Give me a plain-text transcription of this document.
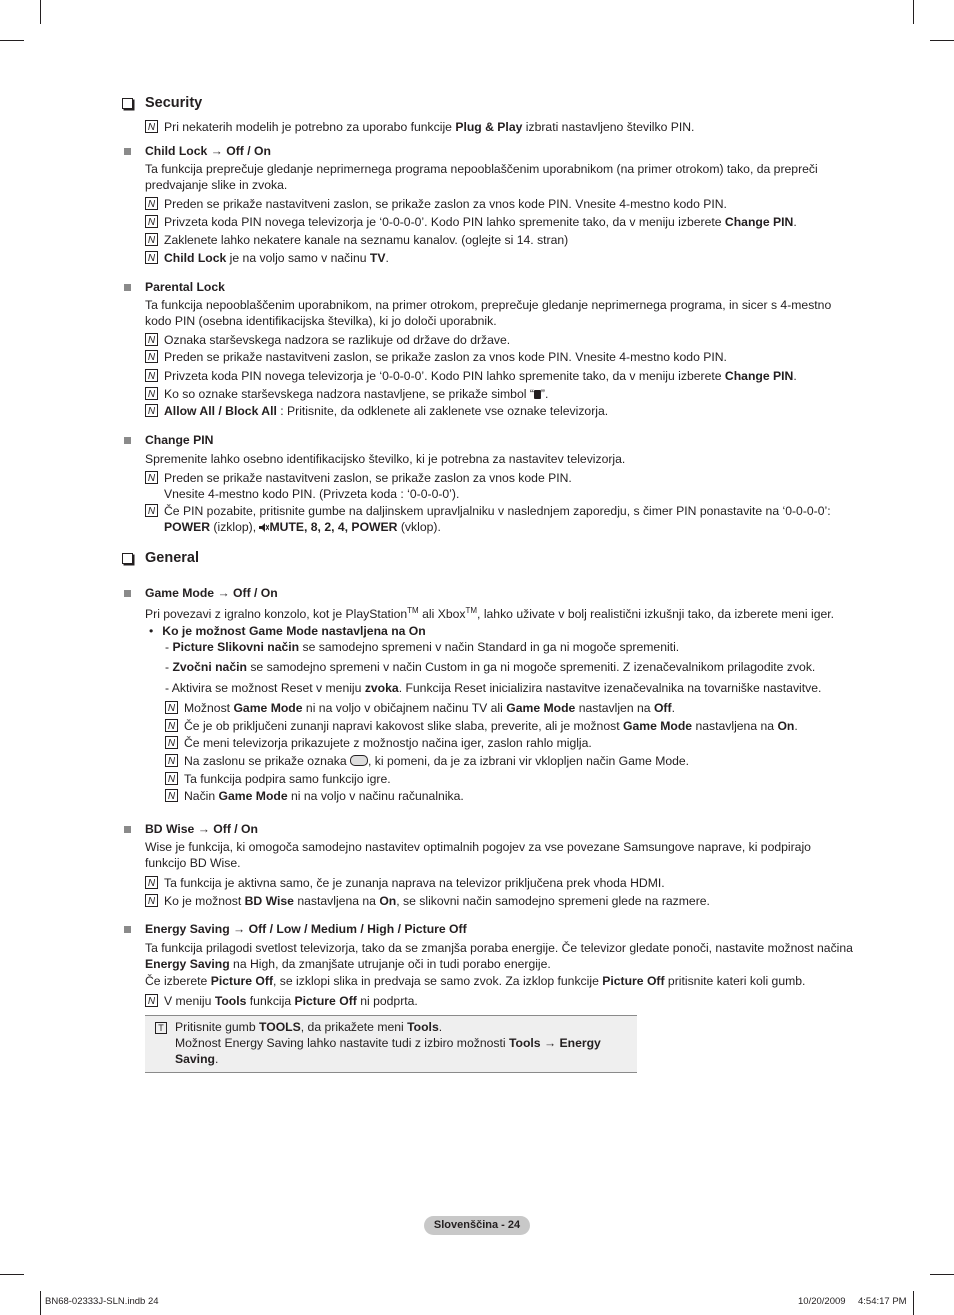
Security
N Pri nekaterih modelih je potrebno za uporabo funkcije Plug & Play izbrati nastavljeno številko PIN.
Child Lock → Off / On
Ta funkcija preprečuje gledanje neprimernega programa nepooblaščenim uporabnikom (na primer otrokom) tako, da prepreči predvajanje slike in zvoka.
N Preden se prikaže nastavitveni zaslon, se prikaže zaslon za vnos kode PIN. Vnesite 4-mestno kodo PIN.
N Privzeta koda PIN novega televizorja je ‘0-0-0-0’. Kodo PIN lahko spremenite tako, da v meniju izberete Change PIN.
N Zaklenete lahko nekatere kanale na seznamu kanalov. (oglejte si 14. stran)
N Child Lock je na voljo samo v načinu TV.
Parental Lock
Ta funkcija nepooblaščenim uporabnikom, na primer otrokom, preprečuje gledanje neprimernega programa, in sicer s 4-mestno kodo PIN (osebna identifikacijska številka), ki jo določi uporabnik.
N Oznaka starševskega nadzora se razlikuje od države do države.
N Preden se prikaže nastavitveni zaslon, se prikaže zaslon za vnos kode PIN. Vnesite 4-mestno kodo PIN.
N Privzeta koda PIN novega televizorja je ‘0-0-0-0’. Kodo PIN lahko spremenite tako, da v meniju izberete Change PIN.
N Ko so oznake starševskega nadzora nastavljene, se prikaže simbol “ ”.
N Allow All / Block All : Pritisnite, da odklenete ali zaklenete vse oznake televizorja.
Change PIN
Spremenite lahko osebno identifikacijsko številko, ki je potrebna za nastavitev televizorja.
N Preden se prikaže nastavitveni zaslon, se prikaže zaslon za vnos kode PIN.
Vnesite 4-mestno kodo PIN. (Privzeta koda : ‘0-0-0-0’).
N Če PIN pozabite, pritisnite gumbe na daljinskem upravljalniku v naslednjem zaporedju, s čimer PIN ponastavite na ‘0-0-0-0’:
POWER (izklop), MUTE, 8, 2, 4, POWER (vklop).
General
Game Mode → Off / On
Pri povezavi z igralno konzolo, kot je PlayStation™ ali Xbox™, lahko uživate v bolj realistični izkušnji tako, da izberete meni iger.
• Ko je možnost Game Mode nastavljena na On
- Picture Slikovni način se samodejno spremeni v način Standard in ga ni mogoče spremeniti.
- Zvočni način se samodejno spremeni v način Custom in ga ni mogoče spremeniti. Z izenačevalnikom prilagodite zvok.
- Aktivira se možnost Reset v meniju zvoka. Funkcija Reset inicializira nastavitve izenačevalnika na tovarniške nastavitve.
N Možnost Game Mode ni na voljo v običajnem načinu TV ali Game Mode nastavljen na Off.
N Če je ob priključeni zunanji napravi kakovost slike slaba, preverite, ali je možnost Game Mode nastavljena na On.
N Če meni televizorja prikazujete z možnostjo načina iger, zaslon rahlo miglja.
N Na zaslonu se prikaže oznaka , ki pomeni, da je za izbrani vir vklopljen način Game Mode.
N Ta funkcija podpira samo funkcijo igre.
N Način Game Mode ni na voljo v načinu računalnika.
BD Wise → Off / On
Wise je funkcija, ki omogoča samodejno nastavitev optimalnih pogojev za vse povezane Samsungove naprave, ki podpirajo funkcijo BD Wise.
N Ta funkcija je aktivna samo, če je zunanja naprava na televizor priključena prek vhoda HDMI.
N Ko je možnost BD Wise nastavljena na On, se slikovni način samodejno spremeni glede na razmere.
Energy Saving → Off / Low / Medium / High / Picture Off
Ta funkcija prilagodi svetlost televizorja, tako da se zmanjša poraba energije. Če televizor gledate ponoči, nastavite možnost načina Energy Saving na High, da zmanjšate utrujanje oči in tudi porabo energije.
Če izberete Picture Off, se izklopi slika in predvaja se samo zvok. Za izklop funkcije Picture Off pritisnite kateri koli gumb.
N V meniju Tools funkcija Picture Off ni podprta.
T Pritisnite gumb TOOLS, da prikažete meni Tools.
Možnost Energy Saving lahko nastavite tudi z izbiro možnosti Tools → Energy Saving.
Slovenščina - 24
BN68-02333J-SLN.indb 24	10/20/2009 4:54:17 PM
